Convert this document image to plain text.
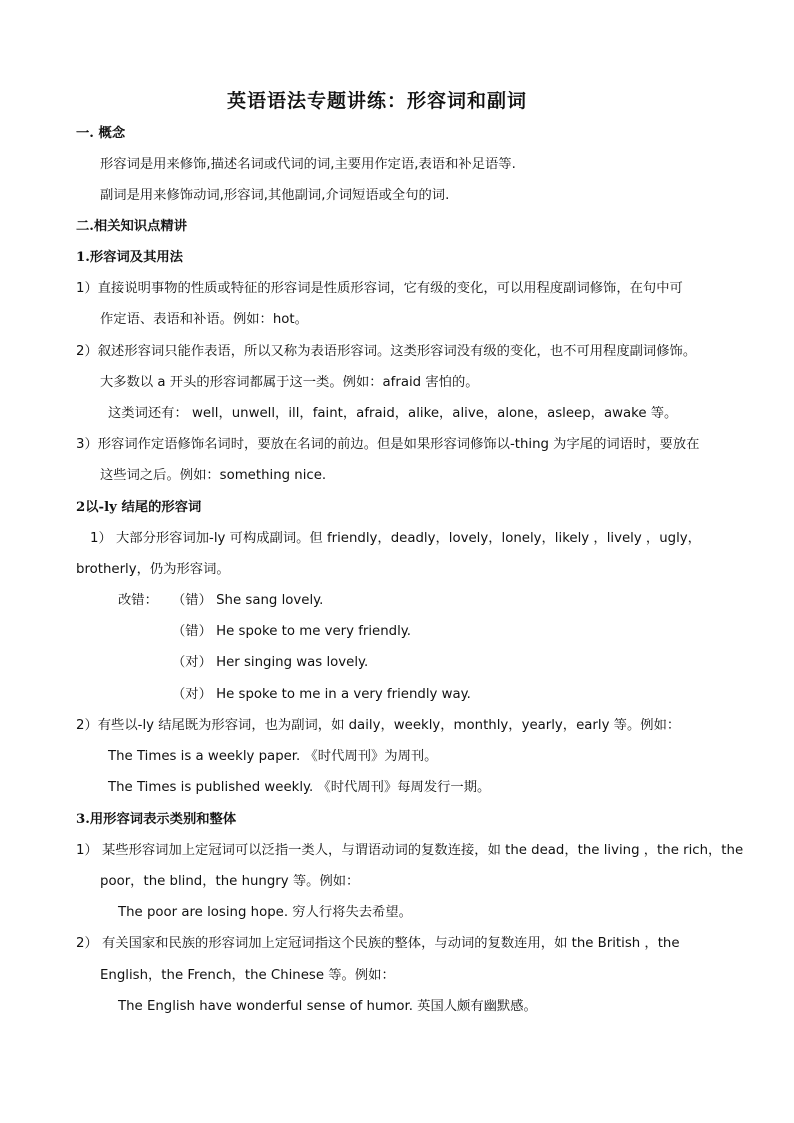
英语语法专题讲练：形容词和副词
一. 概念
形容词是用来修饰,描述名词或代词的词,主要用作定语,表语和补足语等.
副词是用来修饰动词,形容词,其他副词,介词短语或全句的词.
二.相关知识点精讲
1.形容词及其用法
1）直接说明事物的性质或特征的形容词是性质形容词，它有级的变化，可以用程度副词修饰，在句中可
作定语、表语和补语。例如：hot。
2）叙述形容词只能作表语，所以又称为表语形容词。这类形容词没有级的变化，也不可用程度副词修饰。
大多数以 a 开头的形容词都属于这一类。例如：afraid 害怕的。
这类词还有： well，unwell，ill，faint，afraid，alike，alive，alone，asleep，awake 等。
3）形容词作定语修饰名词时，要放在名词的前边。但是如果形容词修饰以-thing 为字尾的词语时，要放在
这些词之后。例如：something nice.
2以-ly 结尾的形容词
1） 大部分形容词加-ly 可构成副词。但 friendly，deadly，lovely，lonely，likely ，lively ，ugly，
brotherly，仍为形容词。
改错： （错） She sang lovely.
（错） He spoke to me very friendly.
（对） Her singing was lovely.
（对） He spoke to me in a very friendly way.
2）有些以-ly 结尾既为形容词，也为副词，如 daily，weekly，monthly，yearly，early 等。例如：
The Times is a weekly paper. 《时代周刊》为周刊。
The Times is published weekly. 《时代周刊》每周发行一期。
3.用形容词表示类别和整体
1） 某些形容词加上定冠词可以泛指一类人，与谓语动词的复数连接，如 the dead，the living ，the rich，the
poor，the blind，the hungry 等。例如：
The poor are losing hope. 穷人行将失去希望。
2） 有关国家和民族的形容词加上定冠词指这个民族的整体，与动词的复数连用，如 the British ，the
English，the French，the Chinese 等。例如：
The English have wonderful sense of humor. 英国人颇有幽默感。
